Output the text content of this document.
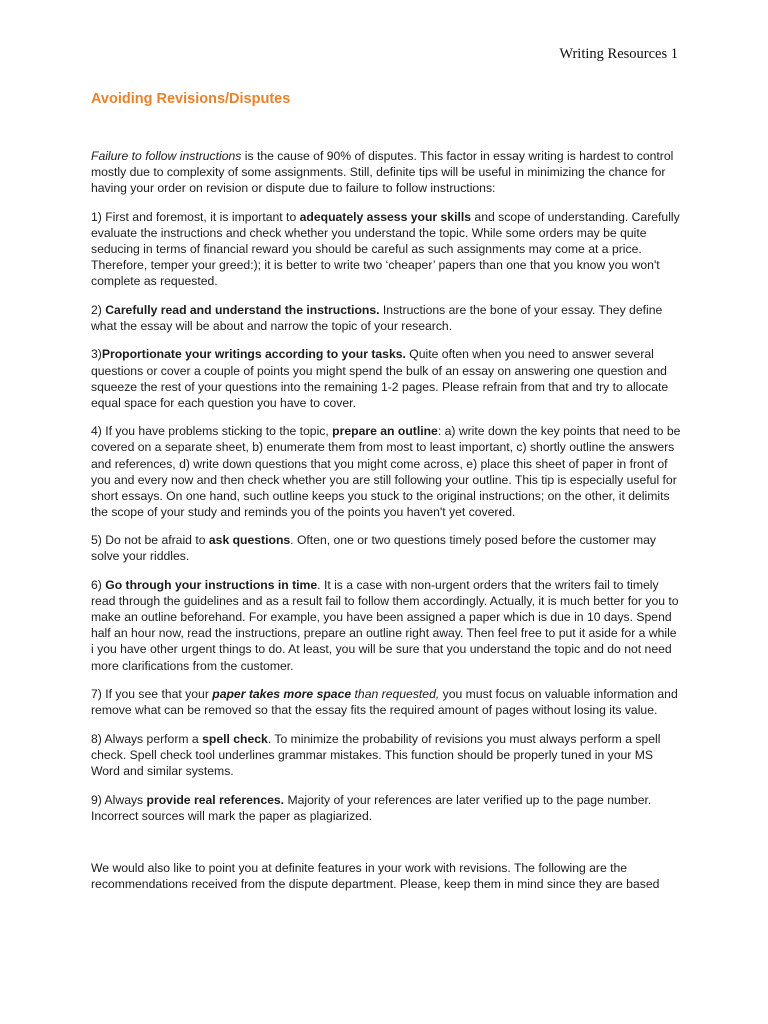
Writing Resources 1
Avoiding Revisions/Disputes

Failure to follow instructions is the cause of 90% of disputes. This factor in essay writing is hardest to control mostly due to complexity of some assignments. Still, definite tips will be useful in minimizing the chance for having your order on revision or dispute due to failure to follow instructions:

1) First and foremost, it is important to adequately assess your skills and scope of understanding. Carefully evaluate the instructions and check whether you understand the topic. While some orders may be quite seducing in terms of financial reward you should be careful as such assignments may come at a price. Therefore, temper your greed:); it is better to write two ‘cheaper’ papers than one that you know you won't complete as requested.

2) Carefully read and understand the instructions. Instructions are the bone of your essay. They define what the essay will be about and narrow the topic of your research.

3)Proportionate your writings according to your tasks. Quite often when you need to answer several questions or cover a couple of points you might spend the bulk of an essay on answering one question and squeeze the rest of your questions into the remaining 1-2 pages. Please refrain from that and try to allocate equal space for each question you have to cover.

4) If you have problems sticking to the topic, prepare an outline: a) write down the key points that need to be covered on a separate sheet, b) enumerate them from most to least important, c) shortly outline the answers and references, d) write down questions that you might come across, e) place this sheet of paper in front of you and every now and then check whether you are still following your outline. This tip is especially useful for short essays. On one hand, such outline keeps you stuck to the original instructions; on the other, it delimits the scope of your study and reminds you of the points you haven't yet covered.

5) Do not be afraid to ask questions. Often, one or two questions timely posed before the customer may solve your riddles.

6) Go through your instructions in time. It is a case with non-urgent orders that the writers fail to timely read through the guidelines and as a result fail to follow them accordingly. Actually, it is much better for you to make an outline beforehand. For example, you have been assigned a paper which is due in 10 days. Spend half an hour now, read the instructions, prepare an outline right away. Then feel free to put it aside for a while i you have other urgent things to do. At least, you will be sure that you understand the topic and do not need more clarifications from the customer.

7) If you see that your paper takes more space than requested, you must focus on valuable information and remove what can be removed so that the essay fits the required amount of pages without losing its value.

8) Always perform a spell check. To minimize the probability of revisions you must always perform a spell check. Spell check tool underlines grammar mistakes. This function should be properly tuned in your MS Word and similar systems.

9) Always provide real references. Majority of your references are later verified up to the page number. Incorrect sources will mark the paper as plagiarized.

We would also like to point you at definite features in your work with revisions. The following are the recommendations received from the dispute department. Please, keep them in mind since they are based
